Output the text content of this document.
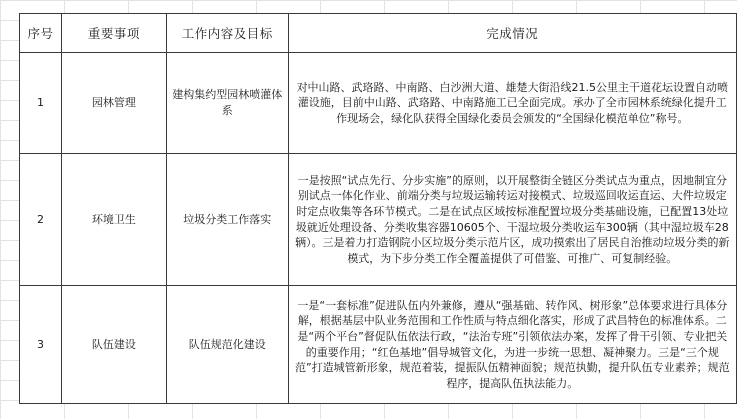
序号	重要事项	工作内容及目标	完成情况
1	园林管理	建构集约型园林喷灌体系	对中山路、武珞路、中南路、白沙洲大道、雄楚大街沿线21.5公里主干道花坛设置自动喷灌设施，目前中山路、武珞路、中南路施工已全面完成。承办了全市园林系统绿化提升工作现场会，绿化队获得全国绿化委员会颁发的“全国绿化模范单位”称号。

2	环境卫生	垃圾分类工作落实	一是按照“试点先行、分步实施”的原则，以开展整街全链区分类试点为重点，因地制宜分别试点一体化作业、前端分类与垃圾运输转运对接模式、垃圾巡回收运直运、大件垃圾定时定点收集等各环节模式。二是在试点区域按标准配置垃圾分类基础设施，已配置13处垃圾就近处理设备、分类收集容器10605个、干湿垃圾分类收运车300辆（其中湿垃圾车28辆）。三是着力打造钢院小区垃圾分类示范片区，成功摸索出了居民自治推动垃圾分类的新模式，为下步分类工作全覆盖提供了可借鉴、可推广、可复制经验。

3	队伍建设	队伍规范化建设	一是“一套标准”促进队伍内外兼修，遵从“强基础、转作风、树形象”总体要求进行具体分解，根据基层中队业务范围和工作性质与特点细化落实，形成了武昌特色的标准体系。二是“两个平台”督促队伍依法行政，“法治专班”引领依法办案，发挥了骨干引领、专业把关的重要作用；“红色基地”倡导城管文化，为进一步统一思想、凝神聚力。三是“三个规范”打造城管新形象，规范着装，提振队伍精神面貌；规范执勤，提升队伍专业素养；规范程序，提高队伍执法能力。
